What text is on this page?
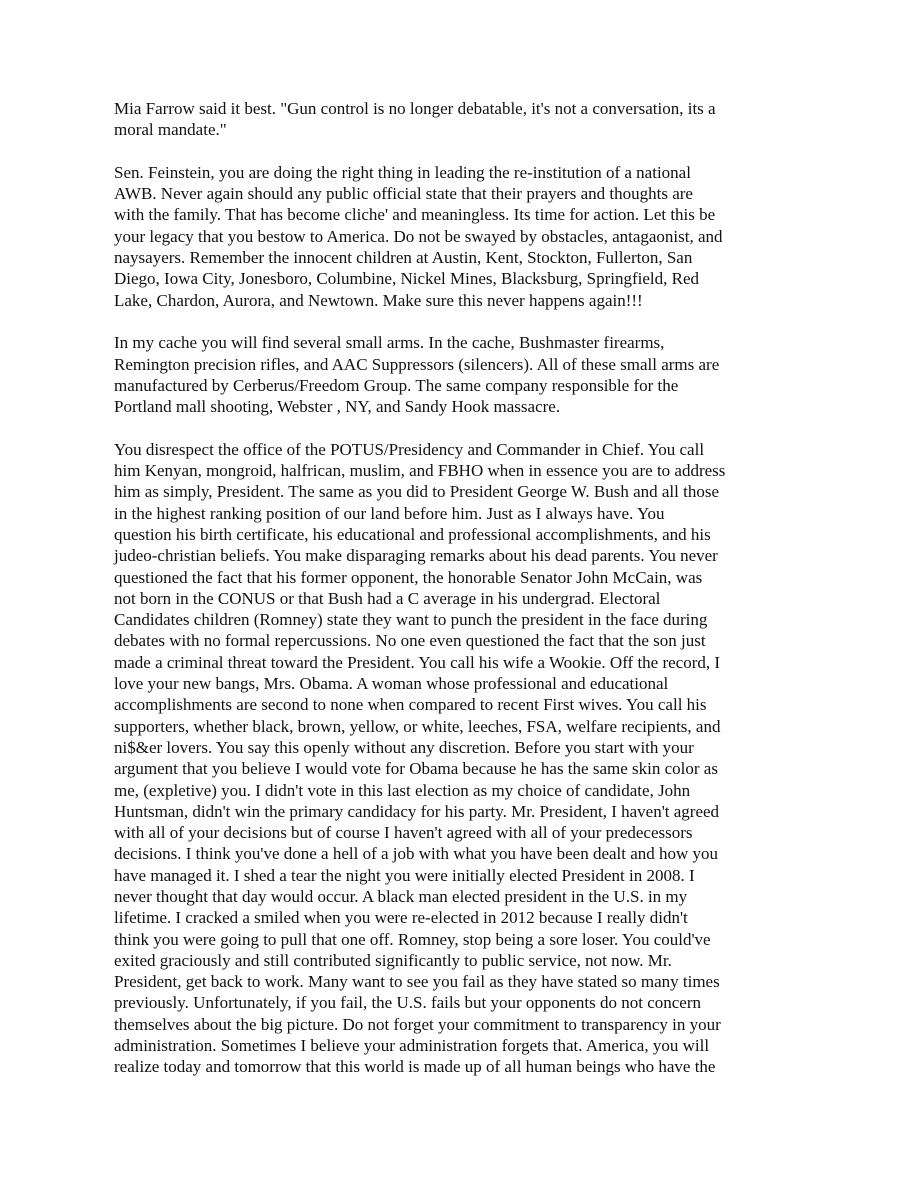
Mia Farrow said it best. "Gun control is no longer debatable, it's not a conversation, its a
moral mandate."

Sen. Feinstein, you are doing the right thing in leading the re-institution of a national
AWB. Never again should any public official state that their prayers and thoughts are
with the family. That has become cliche' and meaningless. Its time for action. Let this be
your legacy that you bestow to America. Do not be swayed by obstacles, antagaonist, and
naysayers. Remember the innocent children at Austin, Kent, Stockton, Fullerton, San
Diego, Iowa City, Jonesboro, Columbine, Nickel Mines, Blacksburg, Springfield, Red
Lake, Chardon, Aurora, and Newtown. Make sure this never happens again!!!

In my cache you will find several small arms. In the cache, Bushmaster firearms,
Remington precision rifles, and AAC Suppressors (silencers). All of these small arms are
manufactured by Cerberus/Freedom Group. The same company responsible for the
Portland mall shooting, Webster , NY, and Sandy Hook massacre.

You disrespect the office of the POTUS/Presidency and Commander in Chief. You call
him Kenyan, mongroid, halfrican, muslim, and FBHO when in essence you are to address
him as simply, President. The same as you did to President George W. Bush and all those
in the highest ranking position of our land before him. Just as I always have. You
question his birth certificate, his educational and professional accomplishments, and his
judeo-christian beliefs. You make disparaging remarks about his dead parents. You never
questioned the fact that his former opponent, the honorable Senator John McCain, was
not born in the CONUS or that Bush had a C average in his undergrad. Electoral
Candidates children (Romney) state they want to punch the president in the face during
debates with no formal repercussions. No one even questioned the fact that the son just
made a criminal threat toward the President. You call his wife a Wookie. Off the record, I
love your new bangs, Mrs. Obama. A woman whose professional and educational
accomplishments are second to none when compared to recent First wives. You call his
supporters, whether black, brown, yellow, or white, leeches, FSA, welfare recipients, and
ni$&er lovers. You say this openly without any discretion. Before you start with your
argument that you believe I would vote for Obama because he has the same skin color as
me, (expletive) you. I didn't vote in this last election as my choice of candidate, John
Huntsman, didn't win the primary candidacy for his party. Mr. President, I haven't agreed
with all of your decisions but of course I haven't agreed with all of your predecessors
decisions. I think you've done a hell of a job with what you have been dealt and how you
have managed it. I shed a tear the night you were initially elected President in 2008. I
never thought that day would occur. A black man elected president in the U.S. in my
lifetime. I cracked a smiled when you were re-elected in 2012 because I really didn't
think you were going to pull that one off. Romney, stop being a sore loser. You could've
exited graciously and still contributed significantly to public service, not now. Mr.
President, get back to work. Many want to see you fail as they have stated so many times
previously. Unfortunately, if you fail, the U.S. fails but your opponents do not concern
themselves about the big picture. Do not forget your commitment to transparency in your
administration. Sometimes I believe your administration forgets that. America, you will
realize today and tomorrow that this world is made up of all human beings who have the
